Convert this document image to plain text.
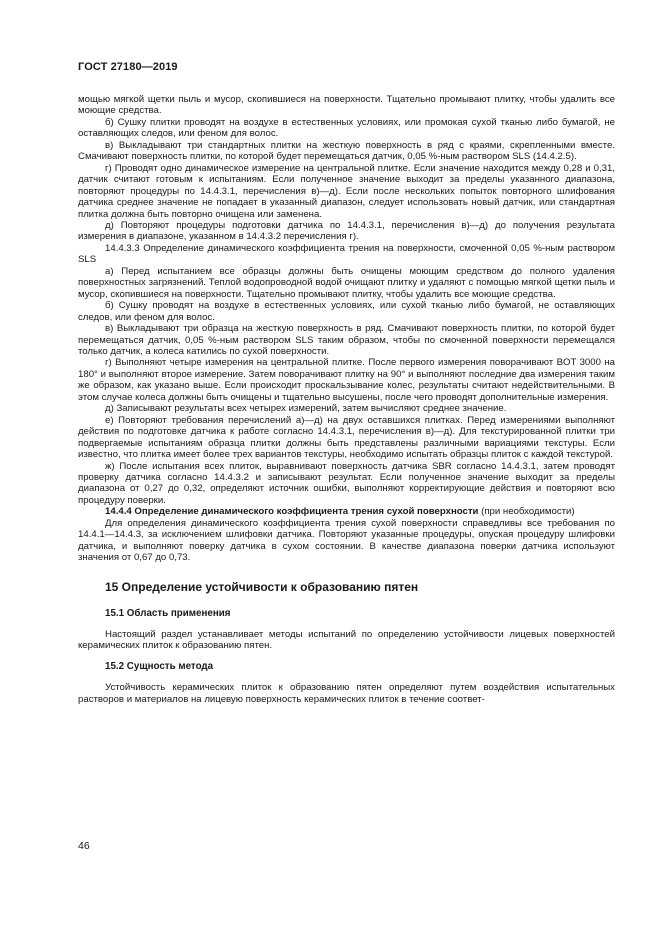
ГОСТ 27180—2019

мощью мягкой щетки пыль и мусор, скопившиеся на поверхности. Тщательно промывают плитку, чтобы удалить все моющие средства.

б) Сушку плитки проводят на воздухе в естественных условиях, или промокая сухой тканью либо бумагой, не оставляющих следов, или феном для волос.

в) Выкладывают три стандартных плитки на жесткую поверхность в ряд с краями, скрепленными вместе. Смачивают поверхность плитки, по которой будет перемещаться датчик, 0,05 %-ным раствором SLS (14.4.2.5).

г) Проводят одно динамическое измерение на центральной плитке. Если значение находится между 0,28 и 0,31, датчик считают готовым к испытаниям. Если полученное значение выходит за пределы указанного диапазона, повторяют процедуры по 14.4.3.1, перечисления в)—д). Если после нескольких попыток повторного шлифования датчика среднее значение не попадает в указанный диапазон, следует использовать новый датчик, или стандартная плитка должна быть повторно очищена или заменена.

д) Повторяют процедуры подготовки датчика по 14.4.3.1, перечисления в)—д) до получения результата измерения в диапазоне, указанном в 14.4.3.2 перечисления г).

14.4.3.3 Определение динамического коэффициента трения на поверхности, смоченной 0,05 %-ным раствором SLS

а) Перед испытанием все образцы должны быть очищены моющим средством до полного удаления поверхностных загрязнений. Теплой водопроводной водой очищают плитку и удаляют с помощью мягкой щетки пыль и мусор, скопившиеся на поверхности. Тщательно промывают плитку, чтобы удалить все моющие средства.

б) Сушку проводят на воздухе в естественных условиях, или сухой тканью либо бумагой, не оставляющих следов, или феном для волос.

в) Выкладывают три образца на жесткую поверхность в ряд. Смачивают поверхность плитки, по которой будет перемещаться датчик, 0,05 %-ным раствором SLS таким образом, чтобы по смоченной поверхности перемещался только датчик, а колеса катились по сухой поверхности.

г) Выполняют четыре измерения на центральной плитке. После первого измерения поворачивают BOT 3000 на 180° и выполняют второе измерение. Затем поворачивают плитку на 90° и выполняют последние два измерения таким же образом, как указано выше. Если происходит проскальзывание колес, результаты считают недействительными. В этом случае колеса должны быть очищены и тщательно высушены, после чего проводят дополнительные измерения.

д) Записывают результаты всех четырех измерений, затем вычисляют среднее значение.

е) Повторяют требования перечислений а)—д) на двух оставшихся плитках. Перед измерениями выполняют действия по подготовке датчика к работе согласно 14.4.3.1, перечисления в)—д). Для текстурированной плитки три подвергаемые испытаниям образца плитки должны быть представлены различными вариациями текстуры. Если известно, что плитка имеет более трех вариантов текстуры, необходимо испытать образцы плиток с каждой текстурой.

ж) После испытания всех плиток, выравнивают поверхность датчика SBR согласно 14.4.3.1, затем проводят проверку датчика согласно 14.4.3.2 и записывают результат. Если полученное значение выходит за пределы диапазона от 0,27 до 0,32, определяют источник ошибки, выполняют корректирующие действия и повторяют всю процедуру поверки.

14.4.4 Определение динамического коэффициента трения сухой поверхности (при необходимости)

Для определения динамического коэффициента трения сухой поверхности справедливы все требования по 14.4.1—14.4.3, за исключением шлифовки датчика. Повторяют указанные процедуры, опуская процедуру шлифовки датчика, и выполняют поверку датчика в сухом состоянии. В качестве диапазона поверки датчика используют значения от 0,67 до 0,73.

15 Определение устойчивости к образованию пятен
15.1 Область применения

Настоящий раздел устанавливает методы испытаний по определению устойчивости лицевых поверхностей керамических плиток к образованию пятен.

15.2 Сущность метода

Устойчивость керамических плиток к образованию пятен определяют путем воздействия испытательных растворов и материалов на лицевую поверхность керамических плиток в течение соответ-

46
